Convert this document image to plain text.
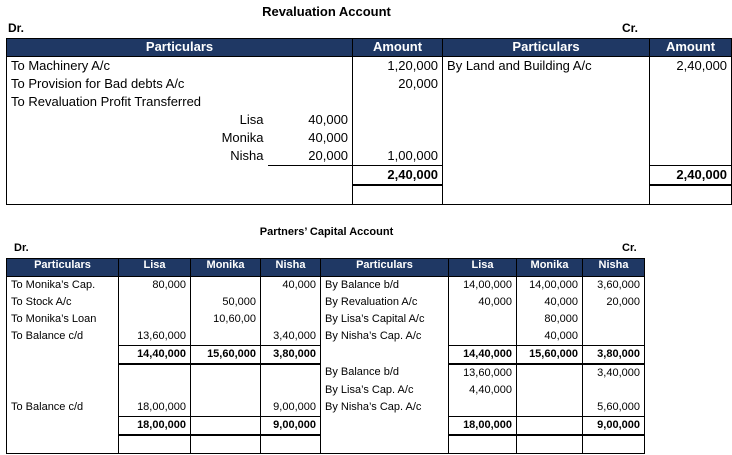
Revaluation Account
Dr.	Cr.
Particulars			Amount	Particulars	Amount
To Machinery A/c			1,20,000	By Land and Building A/c	2,40,000
To Provision for Bad debts A/c			20,000		
To Revaluation Profit Transferred					
	Lisa	40,000			
	Monika	40,000			
	Nisha	20,000	1,00,000		
			2,40,000		2,40,000

Partners’ Capital Account
Dr.	Cr.
Particulars	Lisa	Monika	Nisha	Particulars	Lisa	Monika	Nisha
To Monika’s Cap.	80,000		40,000	By Balance b/d	14,00,000	14,00,000	3,60,000
To Stock A/c		50,000		By Revaluation A/c	40,000	40,000	20,000
To Monika’s Loan		10,60,00		By Lisa’s Capital A/c		80,000	
To Balance c/d	13,60,000		3,40,000	By Nisha’s Cap. A/c		40,000	
	14,40,000	15,60,000	3,80,000		14,40,000	15,60,000	3,80,000
				By Balance b/d	13,60,000		3,40,000
				By Lisa’s Cap. A/c	4,40,000		
To Balance c/d	18,00,000		9,00,000	By Nisha’s Cap. A/c			5,60,000
	18,00,000		9,00,000		18,00,000		9,00,000
